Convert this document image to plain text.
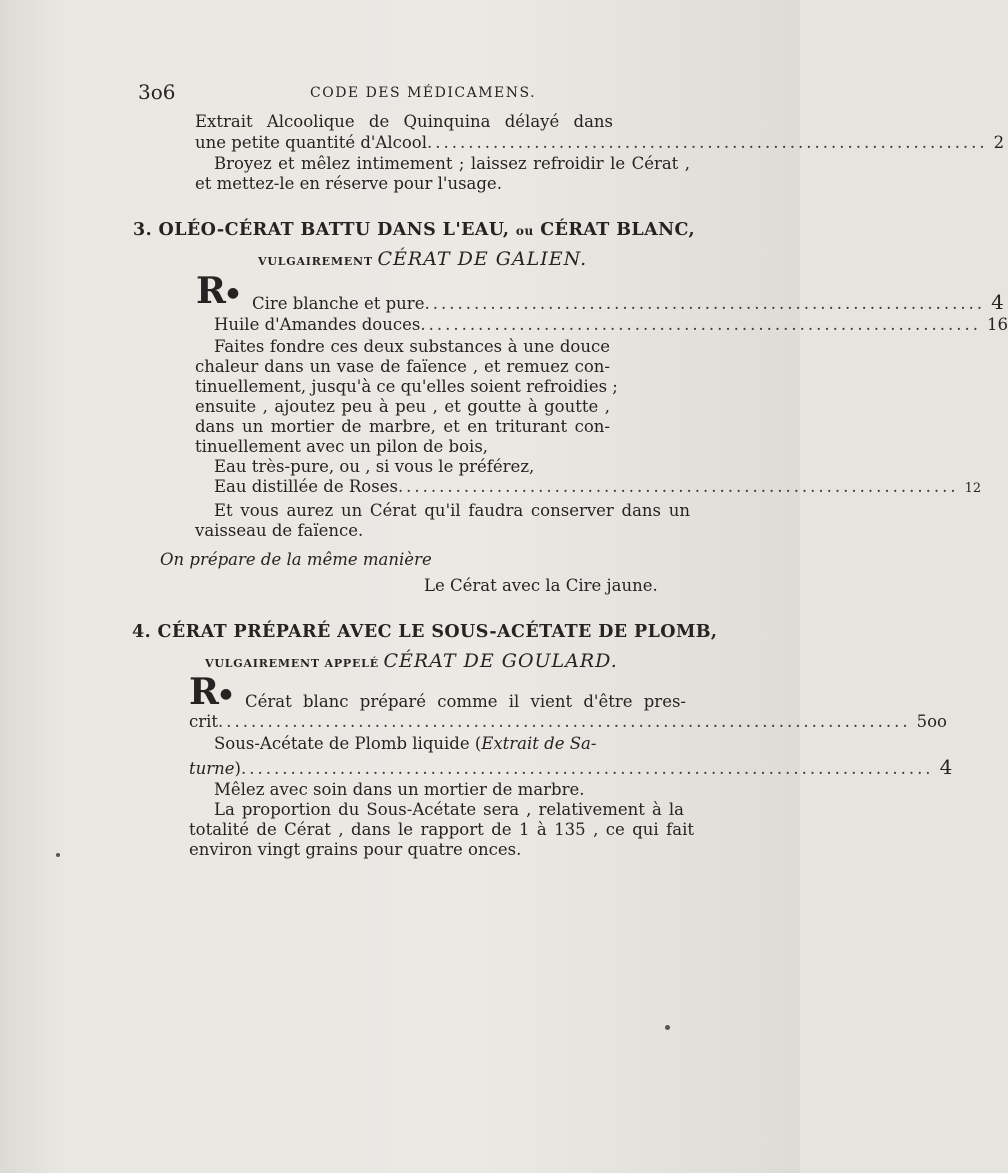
3o6	CODE DES MÉDICAMENS.
Extrait Alcoolique de Quinquina délayé dans
une petite quantité d'Alcool .................................................................... 2
Broyez et mêlez intimement ; laissez refroidir le Cérat ,
et mettez-le en réserve pour l'usage.
3. OLÉO-CÉRAT BATTU DANS L'EAU, ou CÉRAT BLANC,
VULGAIREMENT CÉRAT DE GALIEN.
R●
Cire blanche et pure .................................................................... 4
Huile d'Amandes douces .................................................................... 16
Faites fondre ces deux substances à une douce
chaleur dans un vase de faïence , et remuez con-
tinuellement, jusqu'à ce qu'elles soient refroidies ;
ensuite , ajoutez peu à peu , et goutte à goutte ,
dans un mortier de marbre, et en triturant con-
tinuellement avec un pilon de bois,
Eau très-pure, ou , si vous le préférez,
Eau distillée de Roses .................................................................... 12
Et vous aurez un Cérat qu'il faudra conserver dans un
vaisseau de faïence.
On prépare de la même manière
Le Cérat avec la Cire jaune.
4. CÉRAT PRÉPARÉ AVEC LE SOUS-ACÉTATE DE PLOMB,
VULGAIREMENT APPELÉ CÉRAT DE GOULARD.
R● Cérat blanc préparé comme il vient d'être pres-
crit .................................................................................... 5oo
Sous-Acétate de Plomb liquide (Extrait de Sa-
turne ) .................................................................................... 4
Mêlez avec soin dans un mortier de marbre.
La proportion du Sous-Acétate sera , relativement à la
totalité de Cérat , dans le rapport de 1 à 135 , ce qui fait
environ vingt grains pour quatre onces.
